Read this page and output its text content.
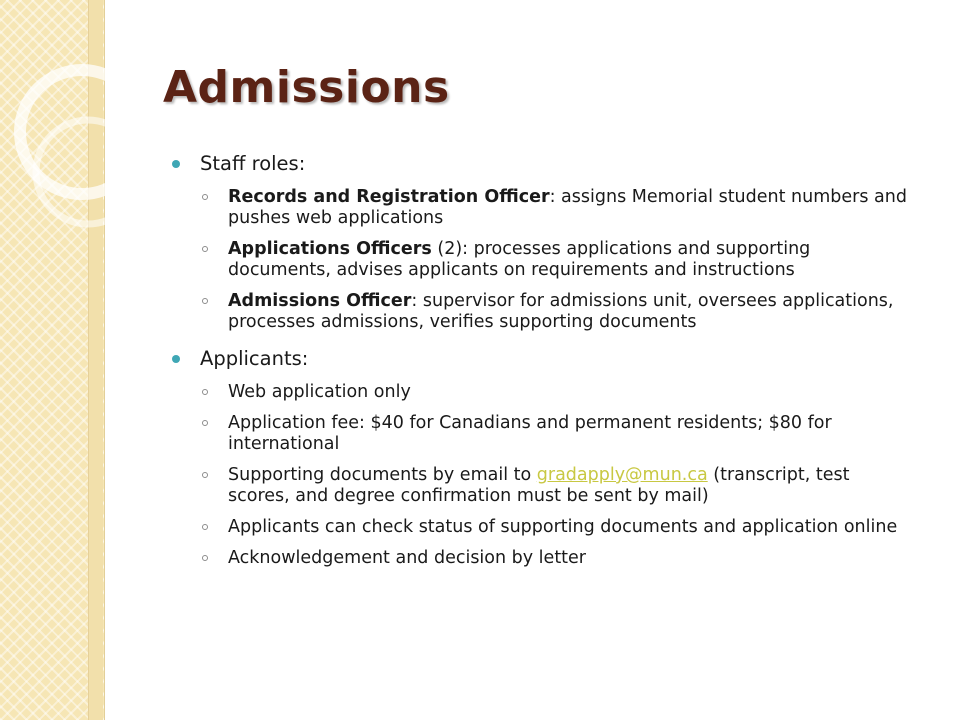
Admissions
Staff roles:
Records and Registration Officer: assigns Memorial student numbers and pushes web applications
Applications Officers (2): processes applications and supporting documents, advises applicants on requirements and instructions
Admissions Officer: supervisor for admissions unit, oversees applications, processes admissions, verifies supporting documents
Applicants:
Web application only
Application fee: $40 for Canadians and permanent residents; $80 for international
Supporting documents by email to gradapply@mun.ca (transcript, test scores, and degree confirmation must be sent by mail)
Applicants can check status of supporting documents and application online
Acknowledgement and decision by letter
